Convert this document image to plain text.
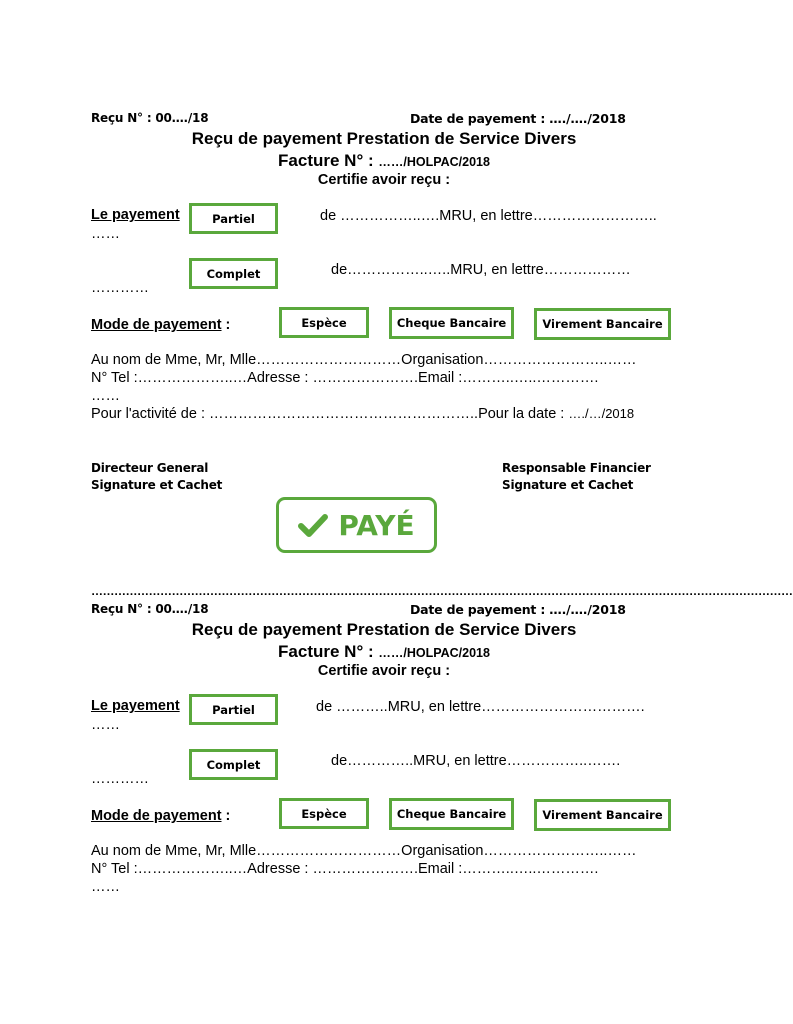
Reçu N° : 00…./18	Date de payement : …./…./2018
Reçu de payement Prestation de Service Divers
Facture N° : ……/HOLPAC/2018
Certifie avoir reçu :
Le payement	Partiel	de ……………..….MRU, en lettre……………………..
……
Complet	de……………..…..MRU, en lettre………………
…………
Mode de payement :	Espèce	Cheque Bancaire	Virement Bancaire
Au nom de Mme, Mr, Mlle…………………………Organisation……………………..……
N° Tel :………………..…Adresse : ………………….Email :………..…..………….
……
Pour l'activité de : ………………………………………………..Pour la date : …./…/2018
Directeur General
Signature et Cachet
Responsable Financier
Signature et Cachet
PAYÉ
…………………………………………………………………………………………………………………………………………………………………
Reçu N° : 00…./18	Date de payement : …./…./2018
Reçu de payement Prestation de Service Divers
Facture N° : ……/HOLPAC/2018
Certifie avoir reçu :
Le payement	Partiel	de ………..MRU, en lettre…………………………….
……
Complet	de…………..MRU, en lettre……………..…….
…………
Mode de payement :	Espèce	Cheque Bancaire	Virement Bancaire
Au nom de Mme, Mr, Mlle…………………………Organisation……………………..……
N° Tel :………………..…Adresse : ………………….Email :………..…..………….
……
